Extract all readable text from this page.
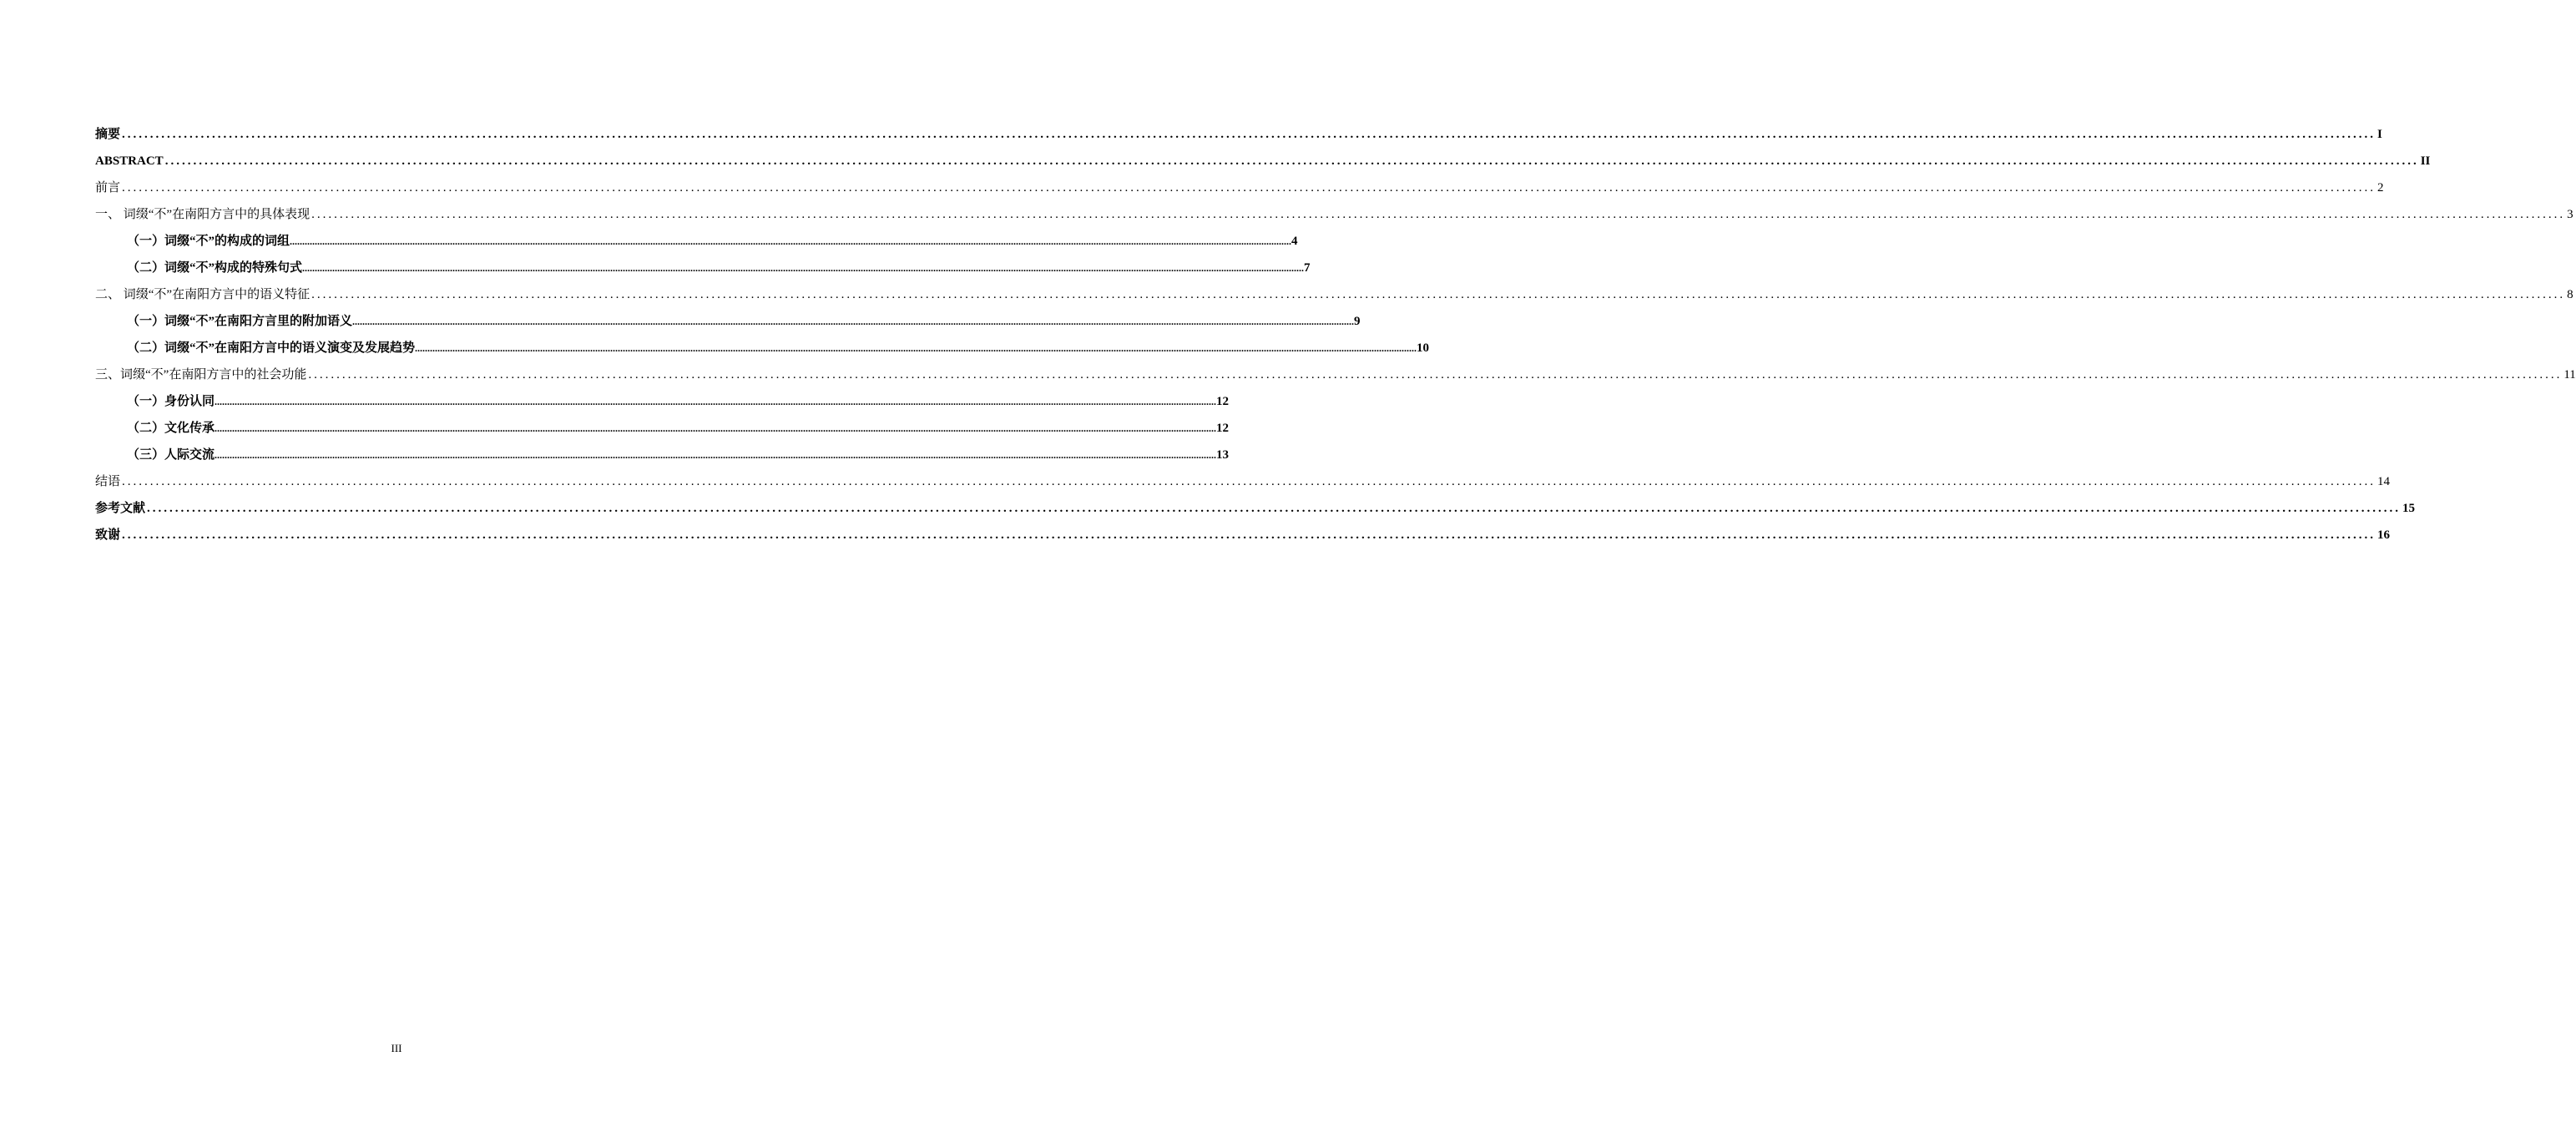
摘要 ................................................................................................................................................................................................................................................................................................................................................................................................................ I
ABSTRACT ................................................................................................................................................................................................................................................................................................................................................................................................................ II
前言 ................................................................................................................................................................................................................................................................................................................................................................................................................ 2
一、 词缀“不”在南阳方言中的具体表现 ................................................................................................................................................................................................................................................................................................................................................................................................................ 3
（一）词缀“不”的构成的词组 ................................................................................................................................................................................................................................................................................................................................................................................................................ 4
（二）词缀“不”构成的特殊句式 ................................................................................................................................................................................................................................................................................................................................................................................................................ 7
二、 词缀“不”在南阳方言中的语义特征 ................................................................................................................................................................................................................................................................................................................................................................................................................ 8
（一）词缀“不”在南阳方言里的附加语义 ................................................................................................................................................................................................................................................................................................................................................................................................................ 9
（二）词缀“不”在南阳方言中的语义演变及发展趋势 ................................................................................................................................................................................................................................................................................................................................................................................................................ 10
三、词缀“不”在南阳方言中的社会功能 ................................................................................................................................................................................................................................................................................................................................................................................................................ 11
（一）身份认同 ................................................................................................................................................................................................................................................................................................................................................................................................................ 12
（二）文化传承 ................................................................................................................................................................................................................................................................................................................................................................................................................ 12
（三）人际交流 ................................................................................................................................................................................................................................................................................................................................................................................................................ 13
结语 ................................................................................................................................................................................................................................................................................................................................................................................................................ 14
参考文献 ................................................................................................................................................................................................................................................................................................................................................................................................................ 15
致谢 ................................................................................................................................................................................................................................................................................................................................................................................................................ 16
III
